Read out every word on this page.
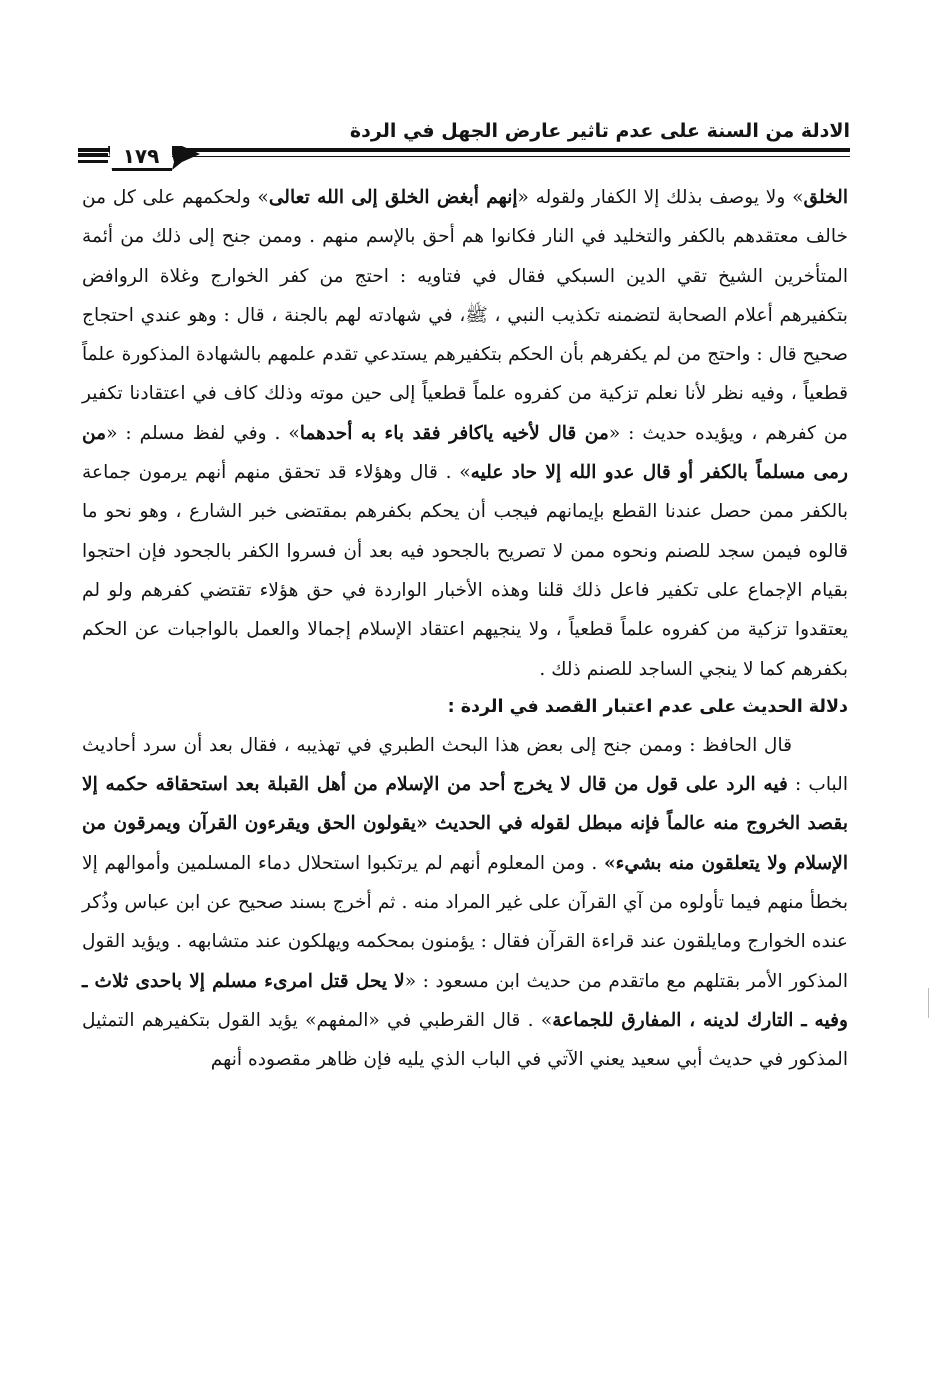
الادلة من السنة على عدم تاثير عارض الجهل في الردة
١٧٩

الخلق» ولا يوصف بذلك إلا الكفار ولقوله «إنهم أبغض الخلق إلى الله تعالى» ولحكمهم على كل من خالف معتقدهم بالكفر والتخليد في النار فكانوا هم أحق بالإسم منهم . وممن جنح إلى ذلك من أئمة المتأخرين الشيخ تقي الدين السبكي فقال في فتاويه : احتج من كفر الخوارج وغلاة الروافض بتكفيرهم أعلام الصحابة لتضمنه تكذيب النبي ، ﷺ، في شهادته لهم بالجنة ، قال : وهو عندي احتجاج صحيح قال : واحتج من لم يكفرهم بأن الحكم بتكفيرهم يستدعي تقدم علمهم بالشهادة المذكورة علماً قطعياً ، وفيه نظر لأنا نعلم تزكية من كفروه علماً قطعياً إلى حين موته وذلك كاف في اعتقادنا تكفير من كفرهم ، ويؤيده حديث : «من قال لأخيه ياكافر فقد باء به أحدهما» . وفي لفظ مسلم : «من رمى مسلماً بالكفر أو قال عدو الله إلا حاد عليه» . قال وهؤلاء قد تحقق منهم أنهم يرمون جماعة بالكفر ممن حصل عندنا القطع بإيمانهم فيجب أن يحكم بكفرهم بمقتضى خبر الشارع ، وهو نحو ما قالوه فيمن سجد للصنم ونحوه ممن لا تصريح بالجحود فيه بعد أن فسروا الكفر بالجحود فإن احتجوا بقيام الإجماع على تكفير فاعل ذلك قلنا وهذه الأخبار الواردة في حق هؤلاء تقتضي كفرهم ولو لم يعتقدوا تزكية من كفروه علماً قطعياً ، ولا ينجيهم اعتقاد الإسلام إجمالا والعمل بالواجبات عن الحكم بكفرهم كما لا ينجي الساجد للصنم ذلك .

دلالة الحديث على عدم اعتبار القصد في الردة :

قال الحافظ : وممن جنح إلى بعض هذا البحث الطبري في تهذيبه ، فقال بعد أن سرد أحاديث الباب : فيه الرد على قول من قال لا يخرج أحد من الإسلام من أهل القبلة بعد استحقاقه حكمه إلا بقصد الخروج منه عالماً فإنه مبطل لقوله في الحديث «يقولون الحق ويقرءون القرآن ويمرقون من الإسلام ولا يتعلقون منه بشيء» . ومن المعلوم أنهم لم يرتكبوا استحلال دماء المسلمين وأموالهم إلا بخطأ منهم فيما تأولوه من آي القرآن على غير المراد منه . ثم أخرج بسند صحيح عن ابن عباس وذُكر عنده الخوارج ومايلقون عند قراءة القرآن فقال : يؤمنون بمحكمه ويهلكون عند متشابهه . ويؤيد القول المذكور الأمر بقتلهم مع ماتقدم من حديث ابن مسعود : «لا يحل قتل امرىء مسلم إلا باحدى ثلاث ـ وفيه ـ التارك لدينه ، المفارق للجماعة» . قال القرطبي في «المفهم» يؤيد القول بتكفيرهم التمثيل المذكور في حديث أبي سعيد يعني الآتي في الباب الذي يليه فإن ظاهر مقصوده أنهم
